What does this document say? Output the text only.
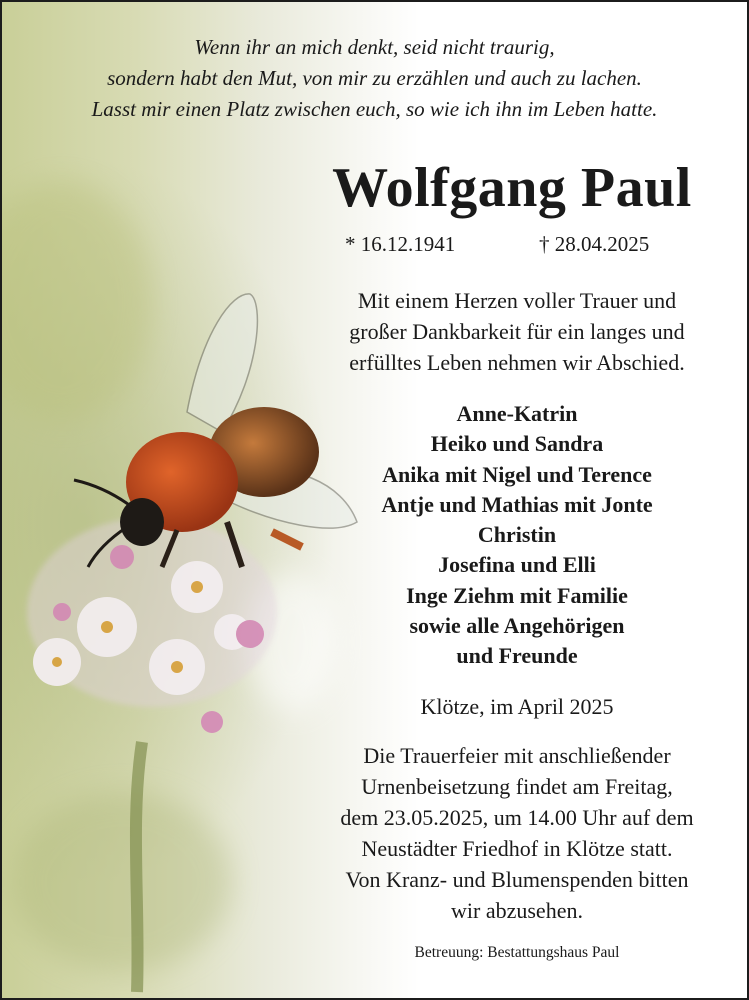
Wenn ihr an mich denkt, seid nicht traurig,
sondern habt den Mut, von mir zu erzählen und auch zu lachen.
Lasst mir einen Platz zwischen euch, so wie ich ihn im Leben hatte.

Wolfgang Paul
* 16.12.1941	† 28.04.2025

Mit einem Herzen voller Trauer und
großer Dankbarkeit für ein langes und
erfülltes Leben nehmen wir Abschied.

Anne-Katrin
Heiko und Sandra
Anika mit Nigel und Terence
Antje und Mathias mit Jonte
Christin
Josefina und Elli
Inge Ziehm mit Familie
sowie alle Angehörigen
und Freunde

Klötze, im April 2025

Die Trauerfeier mit anschließender
Urnenbeisetzung findet am Freitag,
dem 23.05.2025, um 14.00 Uhr auf dem
Neustädter Friedhof in Klötze statt.
Von Kranz- und Blumenspenden bitten
wir abzusehen.

Betreuung: Bestattungshaus Paul
